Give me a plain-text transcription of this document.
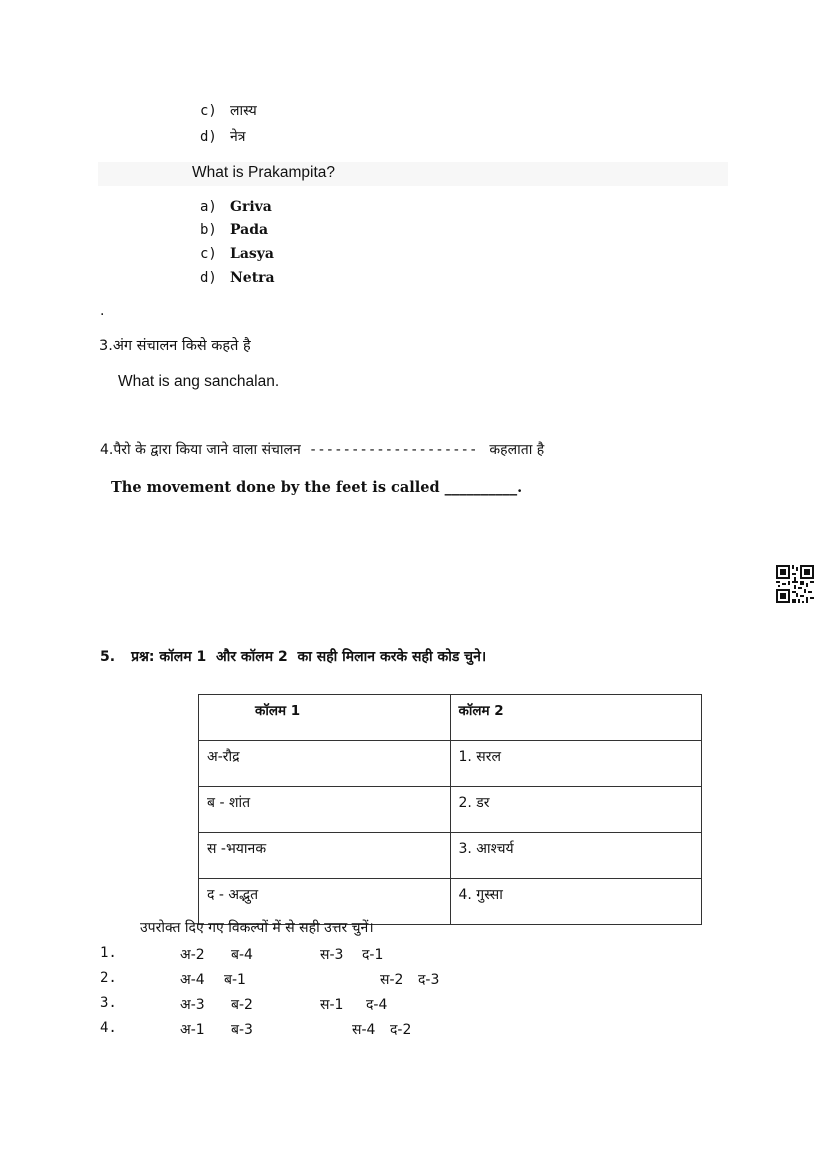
c) लास्य
d) नेत्र
What is Prakampita?
a) Griva
b) Pada
c) Lasya
d) Netra
.
3.अंग संचालन किसे कहते है
What is ang sanchalan.
4.पैरो के द्वारा किया जाने वाला संचालन -------------------- कहलाता है
The movement done by the feet is called __________.
5. प्रश्न: कॉलम 1  और कॉलम 2  का सही मिलान करके सही कोड चुने।
कॉलम 1	कॉलम 2
अ-रौद्र	1. सरल
ब - शांत	2. डर
स -भयानक	3. आश्चर्य
द - अद्भुत	4. गुस्सा
उपरोक्त दिए गए विकल्पों में से सही उत्तर चुनें।
1.	अ-2 ब-4	स-3 द-1
2.	अ-4 ब-1	स-2 द-3
3.	अ-3 ब-2	स-1 द-4
4.	अ-1 ब-3	स-4 द-2
